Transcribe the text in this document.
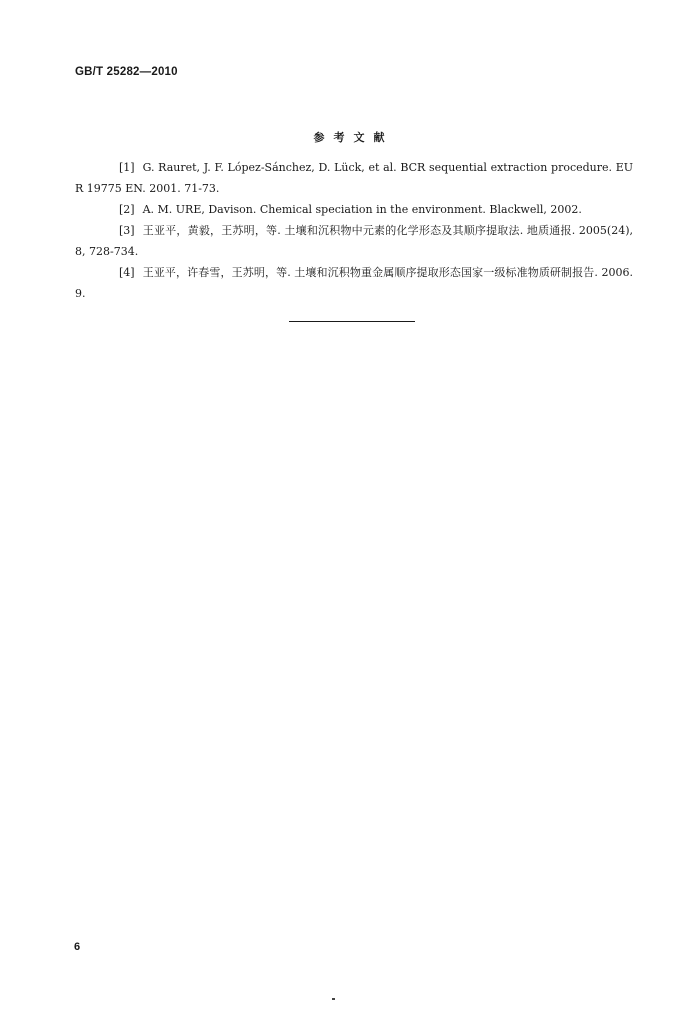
GB/T 25282—2010
参考文献

[1] G. Rauret, J. F. López-Sánchez, D. Lück, et al. BCR sequential extraction procedure. EUR 19775 EN. 2001. 71-73.

[2] A. M. URE, Davison. Chemical speciation in the environment. Blackwell, 2002.

[3] 王亚平，黄毅，王苏明，等. 土壤和沉积物中元素的化学形态及其顺序提取法. 地质通报. 2005(24), 8, 728-734.

[4] 王亚平，许春雪，王苏明，等. 土壤和沉积物重金属顺序提取形态国家一级标准物质研制报告. 2006. 9.

6
